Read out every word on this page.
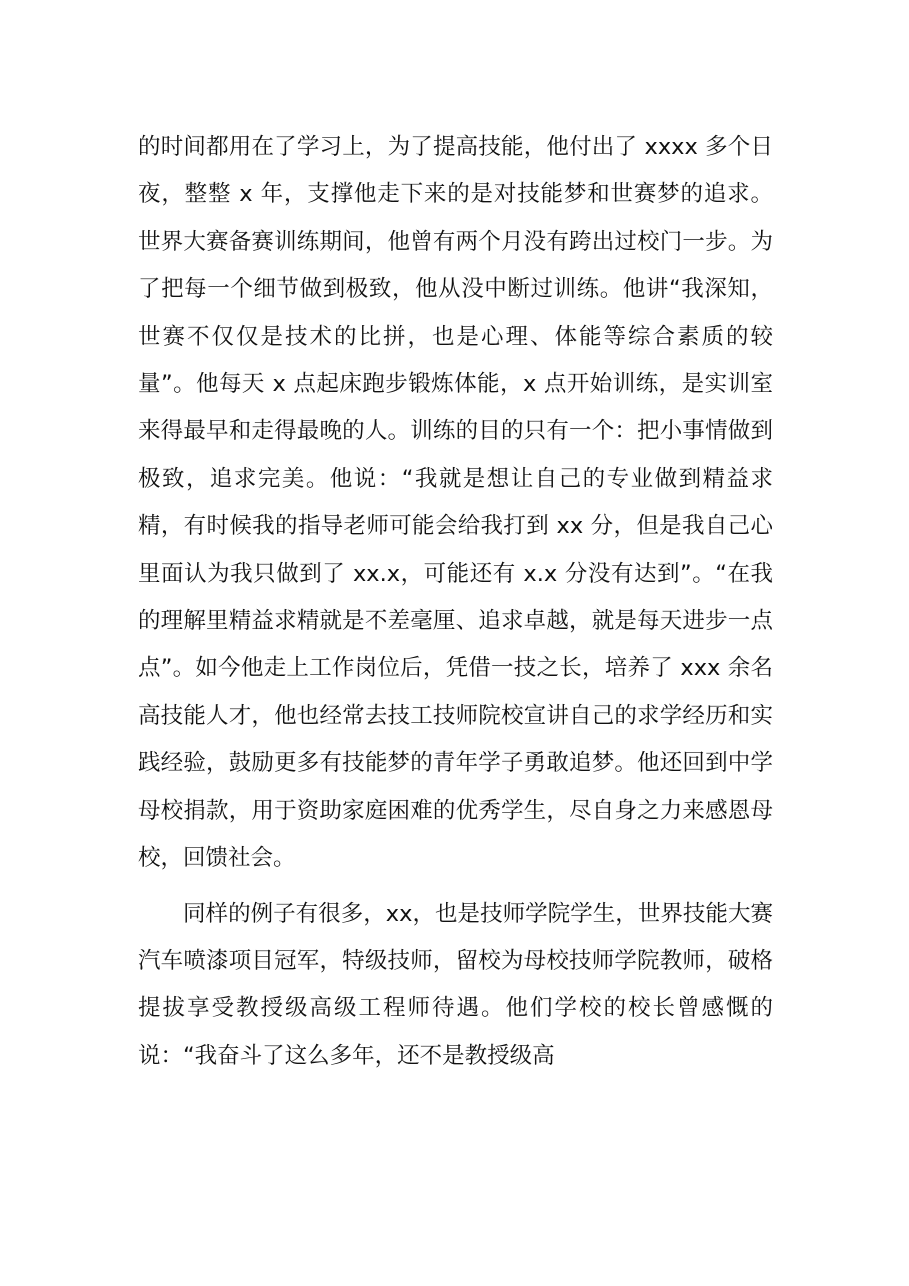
的时间都用在了学习上，为了提高技能，他付出了 xxxx 多个日夜，整整 x 年，支撑他走下来的是对技能梦和世赛梦的追求。世界大赛备赛训练期间，他曾有两个月没有跨出过校门一步。为了把每一个细节做到极致，他从没中断过训练。他讲“我深知，世赛不仅仅是技术的比拼，也是心理、体能等综合素质的较量”。他每天 x 点起床跑步锻炼体能，x 点开始训练，是实训室来得最早和走得最晚的人。训练的目的只有一个：把小事情做到极致，追求完美。他说：“我就是想让自己的专业做到精益求精，有时候我的指导老师可能会给我打到 xx 分，但是我自己心里面认为我只做到了 xx.x，可能还有 x.x 分没有达到”。“在我的理解里精益求精就是不差毫厘、追求卓越，就是每天进步一点点”。如今他走上工作岗位后，凭借一技之长，培养了 xxx 余名高技能人才，他也经常去技工技师院校宣讲自己的求学经历和实践经验，鼓励更多有技能梦的青年学子勇敢追梦。他还回到中学母校捐款，用于资助家庭困难的优秀学生，尽自身之力来感恩母校，回馈社会。

同样的例子有很多，xx，也是技师学院学生，世界技能大赛汽车喷漆项目冠军，特级技师，留校为母校技师学院教师，破格提拔享受教授级高级工程师待遇。他们学校的校长曾感慨的说：“我奋斗了这么多年，还不是教授级高
